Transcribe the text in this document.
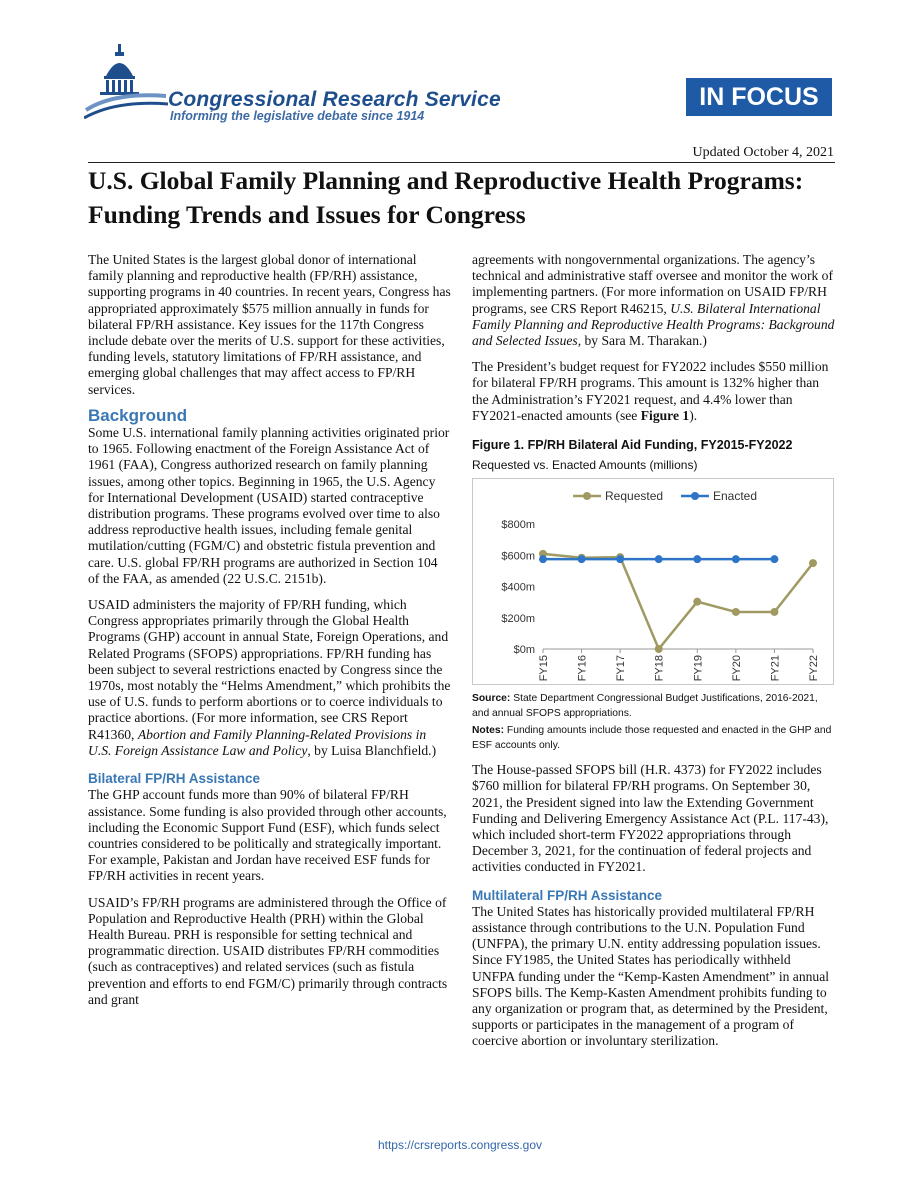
Congressional Research Service
Informing the legislative debate since 1914
IN FOCUS
Updated October 4, 2021
U.S. Global Family Planning and Reproductive Health Programs: Funding Trends and Issues for Congress

The United States is the largest global donor of international family planning and reproductive health (FP/RH) assistance, supporting programs in 40 countries. In recent years, Congress has appropriated approximately $575 million annually in funds for bilateral FP/RH assistance. Key issues for the 117th Congress include debate over the merits of U.S. support for these activities, funding levels, statutory limitations of FP/RH assistance, and emerging global challenges that may affect access to FP/RH services.

Background

Some U.S. international family planning activities originated prior to 1965. Following enactment of the Foreign Assistance Act of 1961 (FAA), Congress authorized research on family planning issues, among other topics. Beginning in 1965, the U.S. Agency for International Development (USAID) started contraceptive distribution programs. These programs evolved over time to also address reproductive health issues, including female genital mutilation/cutting (FGM/C) and obstetric fistula prevention and care. U.S. global FP/RH programs are authorized in Section 104 of the FAA, as amended (22 U.S.C. 2151b).

USAID administers the majority of FP/RH funding, which Congress appropriates primarily through the Global Health Programs (GHP) account in annual State, Foreign Operations, and Related Programs (SFOPS) appropriations. FP/RH funding has been subject to several restrictions enacted by Congress since the 1970s, most notably the “Helms Amendment,” which prohibits the use of U.S. funds to perform abortions or to coerce individuals to practice abortions. (For more information, see CRS Report R41360, Abortion and Family Planning-Related Provisions in U.S. Foreign Assistance Law and Policy, by Luisa Blanchfield.)

Bilateral FP/RH Assistance

The GHP account funds more than 90% of bilateral FP/RH assistance. Some funding is also provided through other accounts, including the Economic Support Fund (ESF), which funds select countries considered to be politically and strategically important. For example, Pakistan and Jordan have received ESF funds for FP/RH activities in recent years.

USAID’s FP/RH programs are administered through the Office of Population and Reproductive Health (PRH) within the Global Health Bureau. PRH is responsible for setting technical and programmatic direction. USAID distributes FP/RH commodities (such as contraceptives) and related services (such as fistula prevention and efforts to end FGM/C) primarily through contracts and grant

agreements with nongovernmental organizations. The agency’s technical and administrative staff oversee and monitor the work of implementing partners. (For more information on USAID FP/RH programs, see CRS Report R46215, U.S. Bilateral International Family Planning and Reproductive Health Programs: Background and Selected Issues, by Sara M. Tharakan.)

The President’s budget request for FY2022 includes $550 million for bilateral FP/RH programs. This amount is 132% higher than the Administration’s FY2021 request, and 4.4% lower than FY2021-enacted amounts (see Figure 1).

Figure 1. FP/RH Bilateral Aid Funding, FY2015-FY2022
Requested vs. Enacted Amounts (millions)
$0m
$200m
$400m
$600m
$800m
FY15 FY16 FY17 FY18 FY19 FY20 FY21 FY22
Requested	Enacted
Source: State Department Congressional Budget Justifications, 2016-2021, and annual SFOPS appropriations.
Notes: Funding amounts include those requested and enacted in the GHP and ESF accounts only.

The House-passed SFOPS bill (H.R. 4373) for FY2022 includes $760 million for bilateral FP/RH programs. On September 30, 2021, the President signed into law the Extending Government Funding and Delivering Emergency Assistance Act (P.L. 117-43), which included short-term FY2022 appropriations through December 3, 2021, for the continuation of federal projects and activities conducted in FY2021.

Multilateral FP/RH Assistance

The United States has historically provided multilateral FP/RH assistance through contributions to the U.N. Population Fund (UNFPA), the primary U.N. entity addressing population issues. Since FY1985, the United States has periodically withheld UNFPA funding under the “Kemp-Kasten Amendment” in annual SFOPS bills. The Kemp-Kasten Amendment prohibits funding to any organization or program that, as determined by the President, supports or participates in the management of a program of coercive abortion or involuntary sterilization.

https://crsreports.congress.gov
